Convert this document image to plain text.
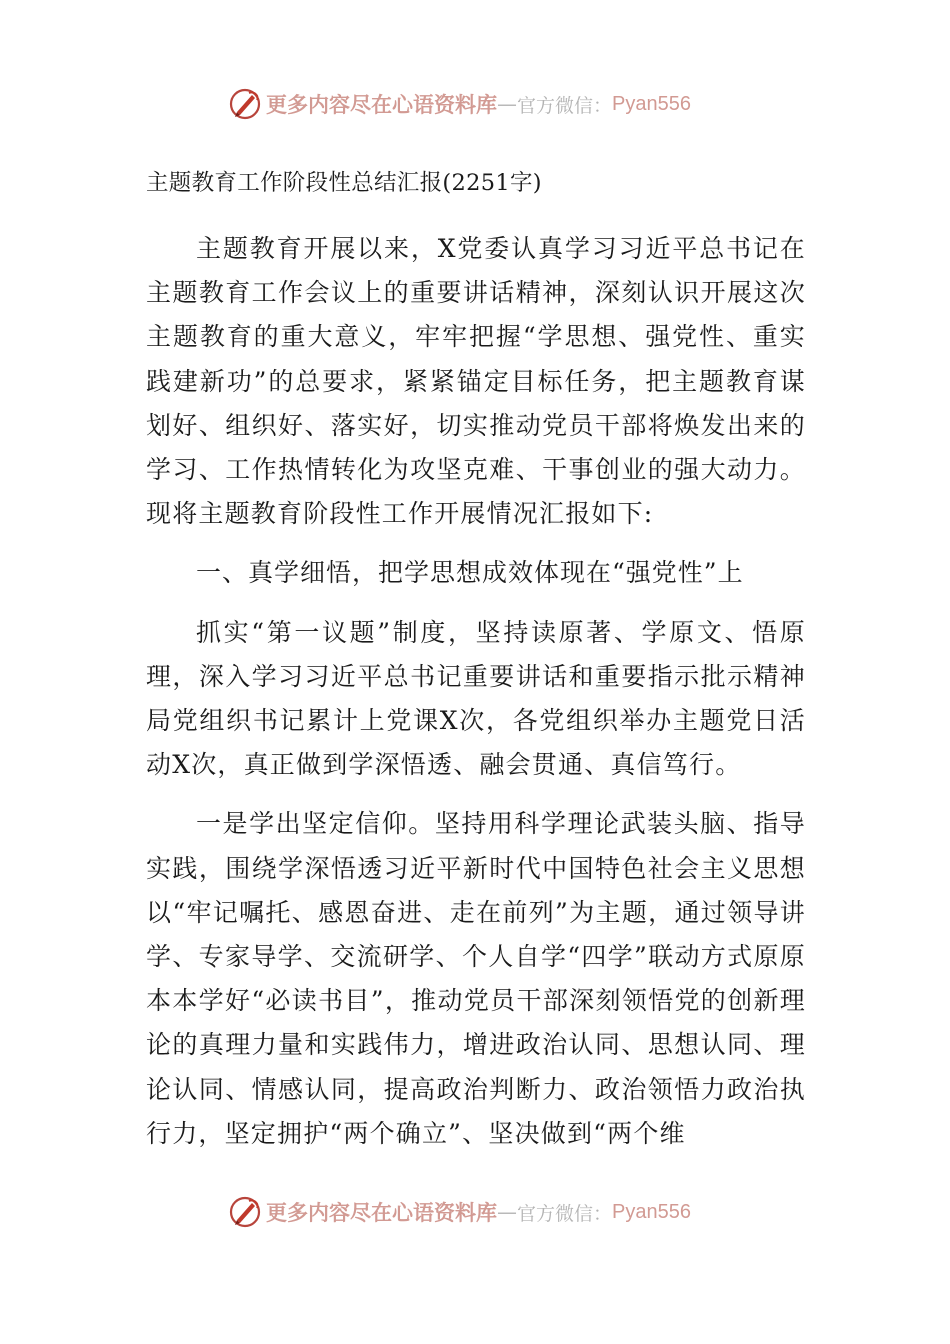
更多内容尽在心语资料库 — 官方微信： Pyan556
主题教育工作阶段性总结汇报(2251字)

主题教育开展以来，X党委认真学习习近平总书记在主题教育工作会议上的重要讲话精神，深刻认识开展这次主题教育的重大意义，牢牢把握“学思想、强党性、重实践建新功”的总要求，紧紧锚定目标任务，把主题教育谋划好、组织好、落实好，切实推动党员干部将焕发出来的学习、工作热情转化为攻坚克难、干事创业的强大动力。现将主题教育阶段性工作开展情况汇报如下:

一、真学细悟，把学思想成效体现在“强党性”上

抓实“第一议题”制度，坚持读原著、学原文、悟原理，深入学习习近平总书记重要讲话和重要指示批示精神局党组织书记累计上党课X次，各党组织举办主题党日活动X次，真正做到学深悟透、融会贯通、真信笃行。

一是学出坚定信仰。坚持用科学理论武装头脑、指导实践，围绕学深悟透习近平新时代中国特色社会主义思想以“牢记嘱托、感恩奋进、走在前列”为主题，通过领导讲学、专家导学、交流研学、个人自学“四学”联动方式原原本本学好“必读书目”，推动党员干部深刻领悟党的创新理论的真理力量和实践伟力，增进政治认同、思想认同、理论认同、情感认同，提高政治判断力、政治领悟力政治执行力，坚定拥护“两个确立”、坚决做到“两个维

更多内容尽在心语资料库 — 官方微信： Pyan556
